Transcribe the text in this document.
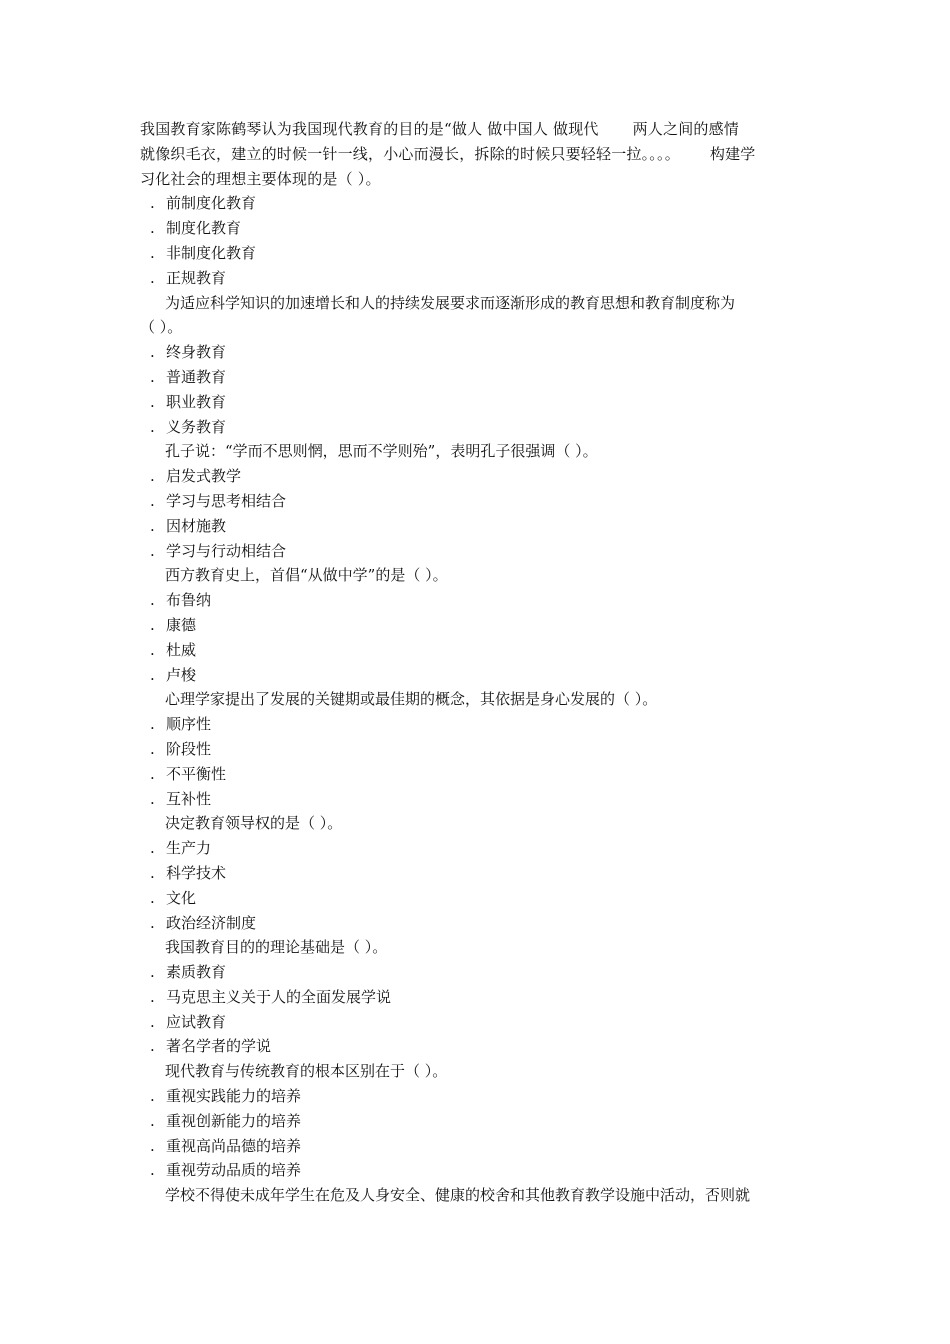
我国教育家陈鹤琴认为我国现代教育的目的是“做人 做中国人 做现代 两人之间的感情
就像织毛衣，建立的时候一针一线，小心而漫长，拆除的时候只要轻轻一拉。。。。 构建学
习化社会的理想主要体现的是（ ）。
. 前制度化教育
. 制度化教育
. 非制度化教育
. 正规教育
为适应科学知识的加速增长和人的持续发展要求而逐渐形成的教育思想和教育制度称为
（ ）。
. 终身教育
. 普通教育
. 职业教育
. 义务教育
孔子说：“学而不思则惘，思而不学则殆”，表明孔子很强调（ ）。
. 启发式教学
. 学习与思考相结合
. 因材施教
. 学习与行动相结合
西方教育史上，首倡“从做中学”的是（ ）。
. 布鲁纳
. 康德
. 杜威
. 卢梭
心理学家提出了发展的关键期或最佳期的概念，其依据是身心发展的（ ）。
. 顺序性
. 阶段性
. 不平衡性
. 互补性
决定教育领导权的是（ ）。
. 生产力
. 科学技术
. 文化
. 政治经济制度
我国教育目的的理论基础是（ ）。
. 素质教育
. 马克思主义关于人的全面发展学说
. 应试教育
. 著名学者的学说
现代教育与传统教育的根本区别在于（ ）。
. 重视实践能力的培养
. 重视创新能力的培养
. 重视高尚品德的培养
. 重视劳动品质的培养
学校不得使未成年学生在危及人身安全、健康的校舍和其他教育教学设施中活动，否则就
